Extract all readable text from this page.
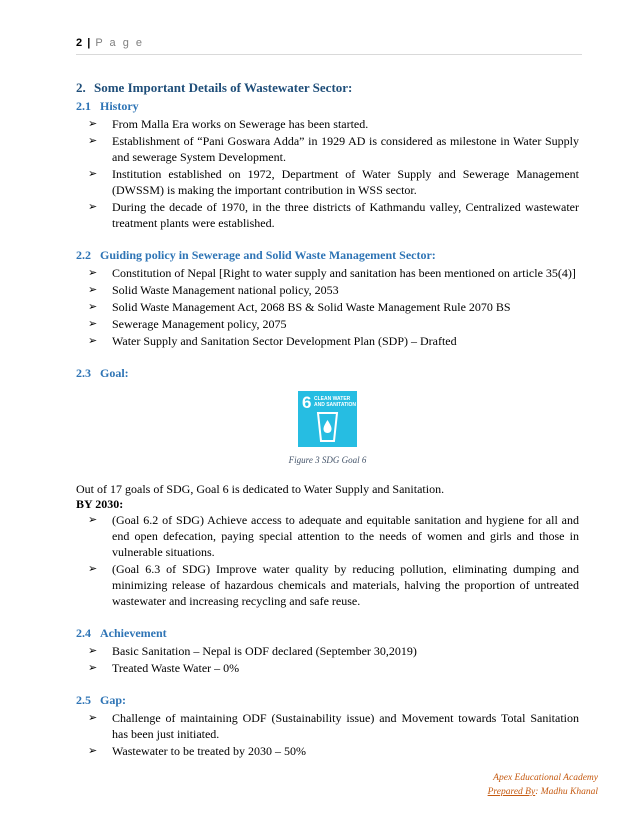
2 | P a g e
2. Some Important Details of Wastewater Sector:
2.1 History
➢ From Malla Era works on Sewerage has been started.
➢ Establishment of “Pani Goswara Adda” in 1929 AD is considered as milestone in Water Supply and sewerage System Development.
➢ Institution established on 1972, Department of Water Supply and Sewerage Management (DWSSM) is making the important contribution in WSS sector.
➢ During the decade of 1970, in the three districts of Kathmandu valley, Centralized wastewater treatment plants were established.
2.2 Guiding policy in Sewerage and Solid Waste Management Sector:
➢ Constitution of Nepal [Right to water supply and sanitation has been mentioned on article 35(4)]
➢ Solid Waste Management national policy, 2053
➢ Solid Waste Management Act, 2068 BS & Solid Waste Management Rule 2070 BS
➢ Sewerage Management policy, 2075
➢ Water Supply and Sanitation Sector Development Plan (SDP) – Drafted
2.3 Goal:
6 CLEAN WATER
AND SANITATION
Figure 3 SDG Goal 6
Out of 17 goals of SDG, Goal 6 is dedicated to Water Supply and Sanitation.
BY 2030:
➢ (Goal 6.2 of SDG) Achieve access to adequate and equitable sanitation and hygiene for all and end open defecation, paying special attention to the needs of women and girls and those in vulnerable situations.
➢ (Goal 6.3 of SDG) Improve water quality by reducing pollution, eliminating dumping and minimizing release of hazardous chemicals and materials, halving the proportion of untreated wastewater and increasing recycling and safe reuse.
2.4 Achievement
➢ Basic Sanitation – Nepal is ODF declared (September 30,2019)
➢ Treated Waste Water – 0%
2.5 Gap:
➢ Challenge of maintaining ODF (Sustainability issue) and Movement towards Total Sanitation has been just initiated.
➢ Wastewater to be treated by 2030 – 50%
Apex Educational Academy
Prepared By: Madhu Khanal
